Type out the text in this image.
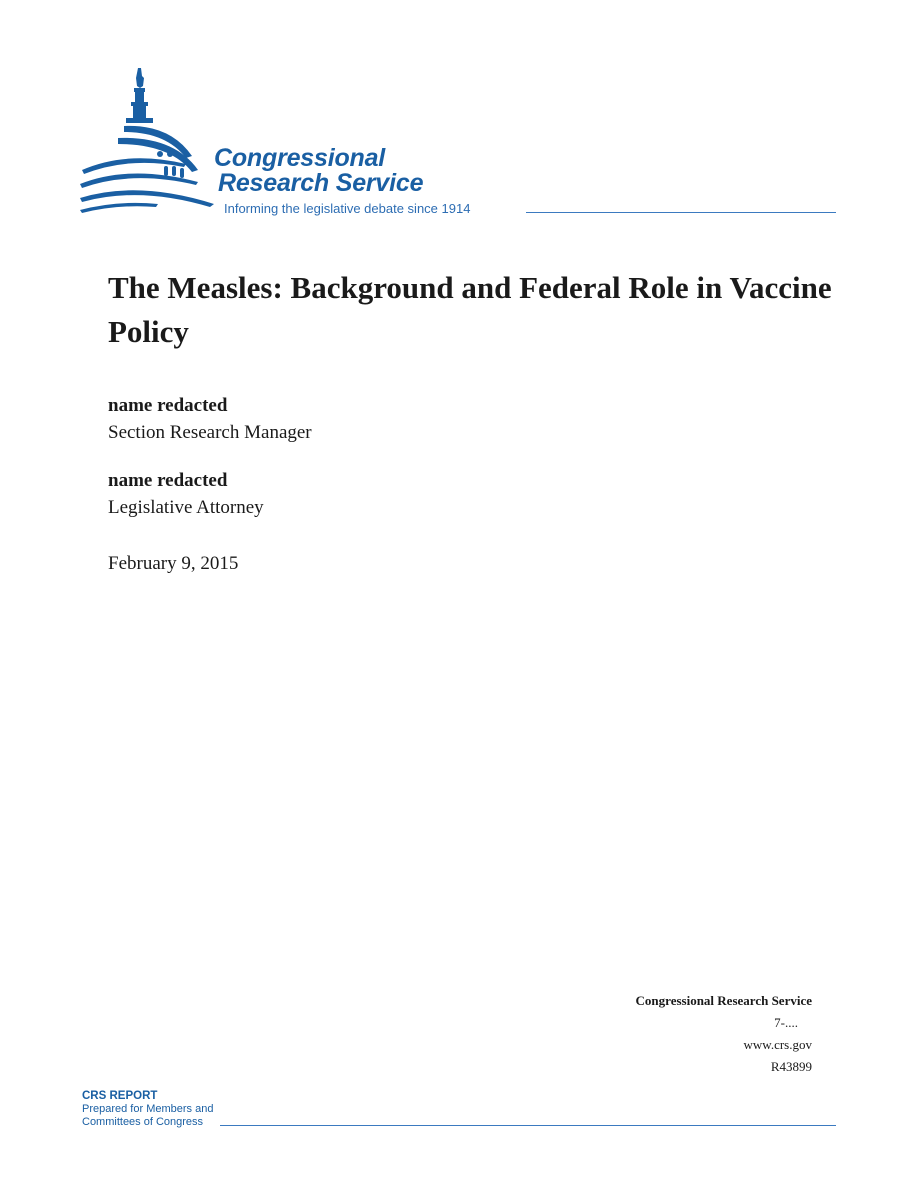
Congressional
Research Service
Informing the legislative debate since 1914
The Measles: Background and Federal Role in Vaccine Policy
name redacted
Section Research Manager
name redacted
Legislative Attorney
February 9, 2015
Congressional Research Service
7-....
www.crs.gov
R43899
CRS REPORT
Prepared for Members and
Committees of Congress
